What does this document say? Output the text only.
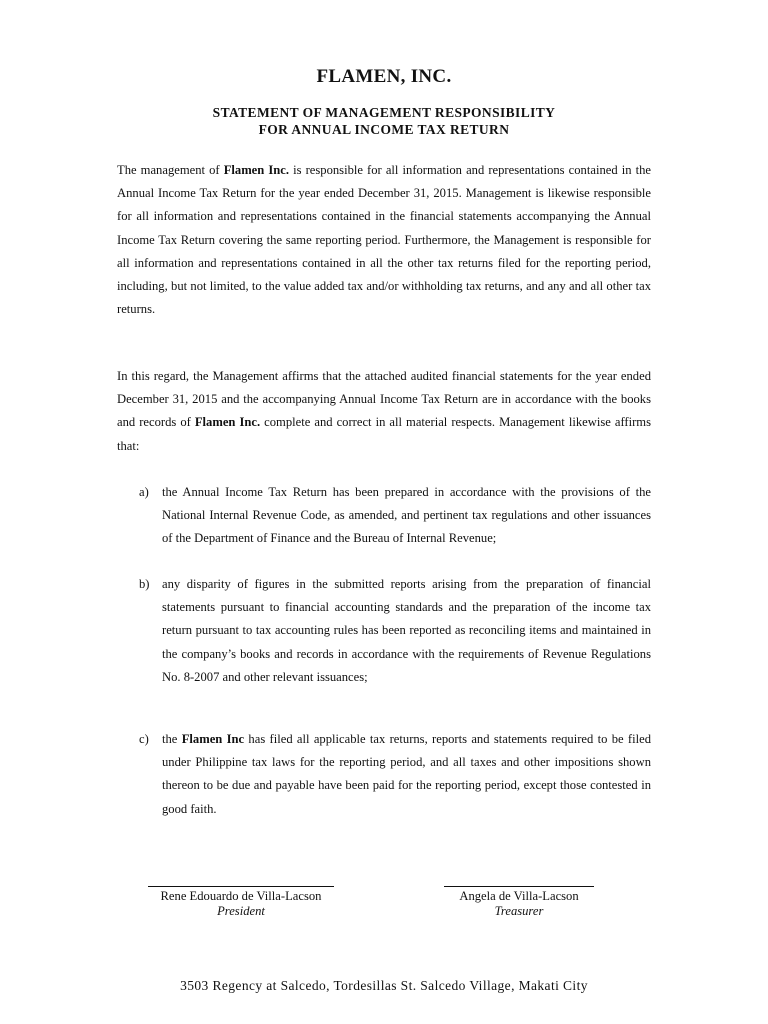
FLAMEN, INC.
STATEMENT OF MANAGEMENT RESPONSIBILITY
FOR ANNUAL INCOME TAX RETURN

The management of Flamen Inc. is responsible for all information and representations contained in the Annual Income Tax Return for the year ended December 31, 2015. Management is likewise responsible for all information and representations contained in the financial statements accompanying the Annual Income Tax Return covering the same reporting period. Furthermore, the Management is responsible for all information and representations contained in all the other tax returns filed for the reporting period, including, but not limited, to the value added tax and/or withholding tax returns, and any and all other tax returns.

In this regard, the Management affirms that the attached audited financial statements for the year ended December 31, 2015 and the accompanying Annual Income Tax Return are in accordance with the books and records of Flamen Inc. complete and correct in all material respects. Management likewise affirms that:

a) the Annual Income Tax Return has been prepared in accordance with the provisions of the National Internal Revenue Code, as amended, and pertinent tax regulations and other issuances of the Department of Finance and the Bureau of Internal Revenue;
b) any disparity of figures in the submitted reports arising from the preparation of financial statements pursuant to financial accounting standards and the preparation of the income tax return pursuant to tax accounting rules has been reported as reconciling items and maintained in the company’s books and records in accordance with the requirements of Revenue Regulations No. 8-2007 and other relevant issuances;
c) the Flamen Inc has filed all applicable tax returns, reports and statements required to be filed under Philippine tax laws for the reporting period, and all taxes and other impositions shown thereon to be due and payable have been paid for the reporting period, except those contested in good faith.
Rene Edouardo de Villa-Lacson
President
Angela de Villa-Lacson
Treasurer
3503 Regency at Salcedo, Tordesillas St. Salcedo Village, Makati City
